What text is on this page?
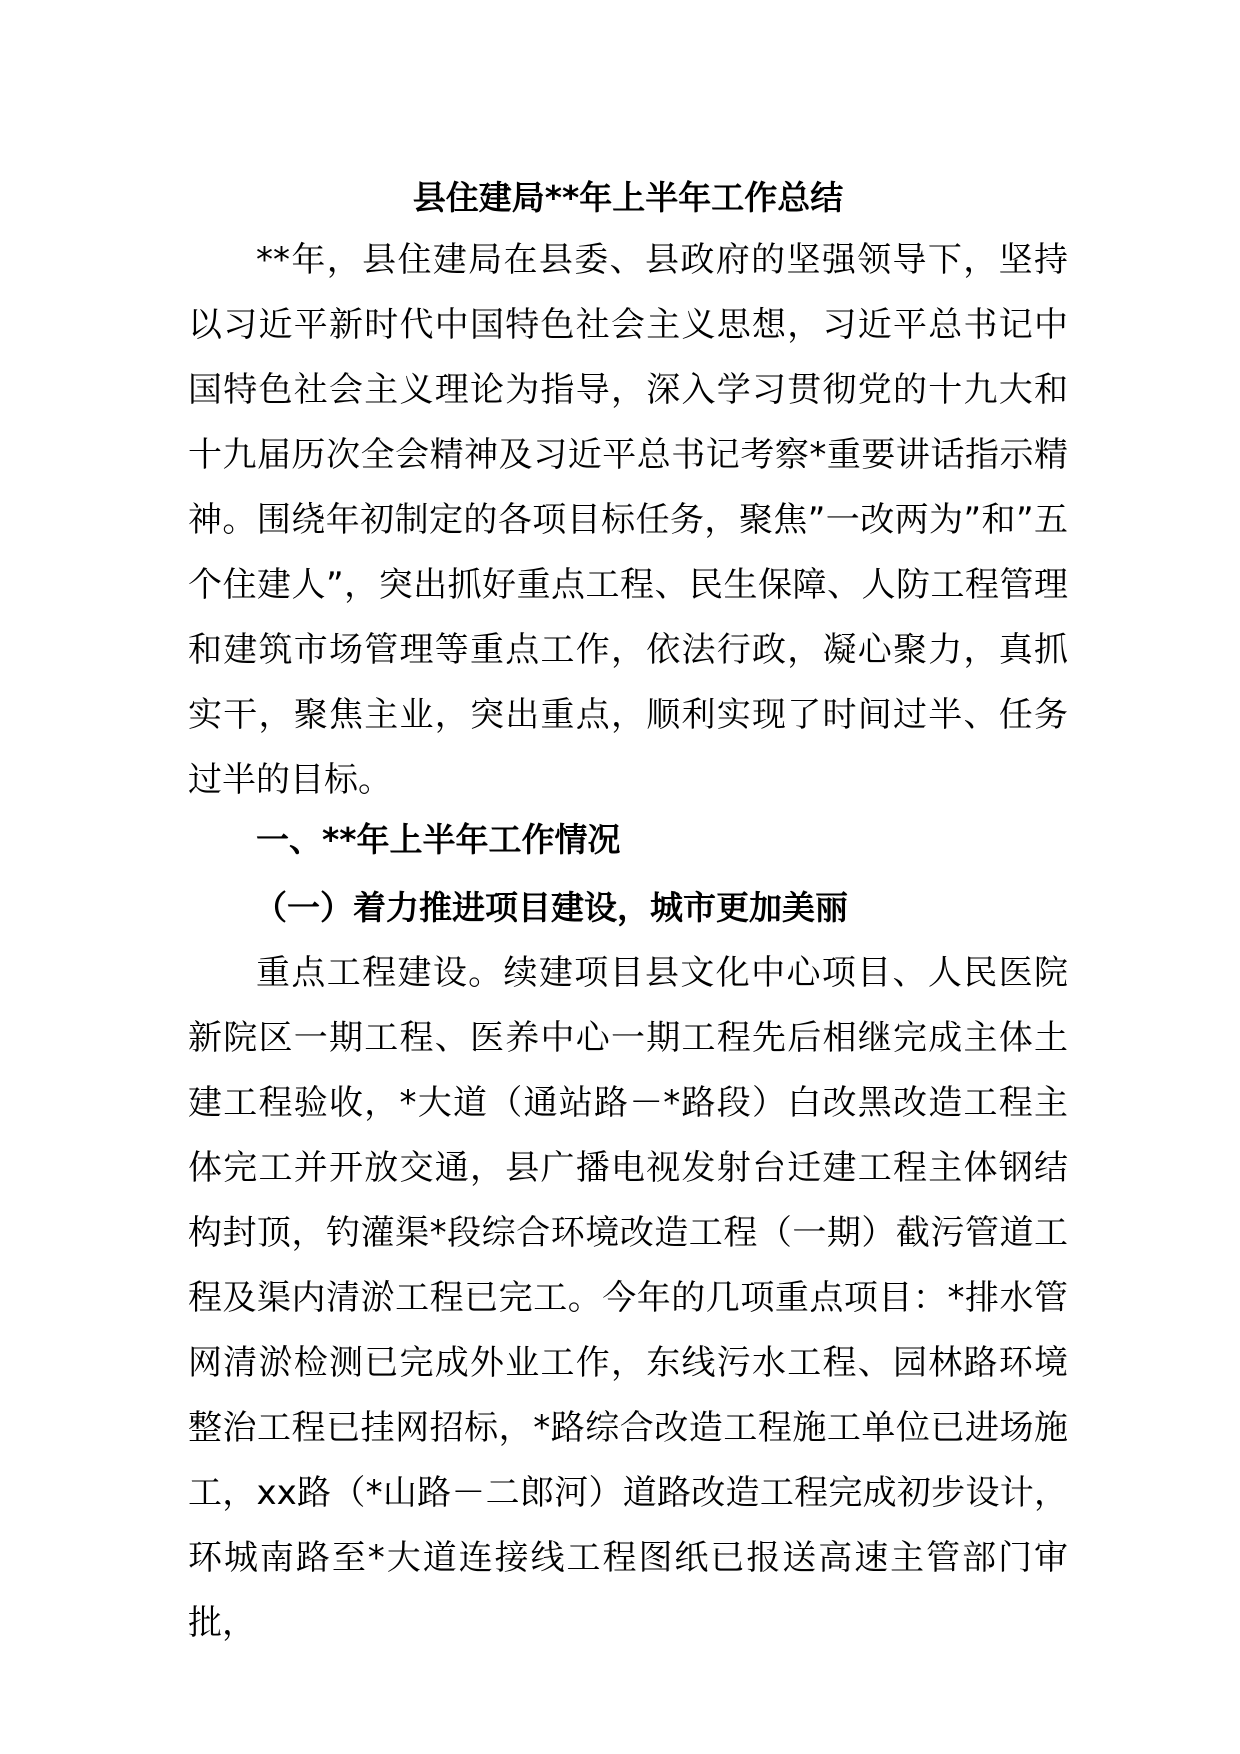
县住建局**年上半年工作总结

**年，县住建局在县委、县政府的坚强领导下，坚持以习近平新时代中国特色社会主义思想，习近平总书记中国特色社会主义理论为指导，深入学习贯彻党的十九大和十九届历次全会精神及习近平总书记考察*重要讲话指示精神。围绕年初制定的各项目标任务，聚焦”一改两为”和”五个住建人”，突出抓好重点工程、民生保障、人防工程管理和建筑市场管理等重点工作，依法行政，凝心聚力，真抓实干，聚焦主业，突出重点，顺利实现了时间过半、任务过半的目标。

一、**年上半年工作情况
（一）着力推进项目建设，城市更加美丽

重点工程建设。续建项目县文化中心项目、人民医院新院区一期工程、医养中心一期工程先后相继完成主体土建工程验收，*大道（通站路－*路段）白改黑改造工程主体完工并开放交通，县广播电视发射台迁建工程主体钢结构封顶，钓灌渠*段综合环境改造工程（一期）截污管道工程及渠内清淤工程已完工。今年的几项重点项目：*排水管网清淤检测已完成外业工作，东线污水工程、园林路环境整治工程已挂网招标，*路综合改造工程施工单位已进场施工，xx路（*山路－二郎河）道路改造工程完成初步设计，环城南路至*大道连接线工程图纸已报送高速主管部门审批，
